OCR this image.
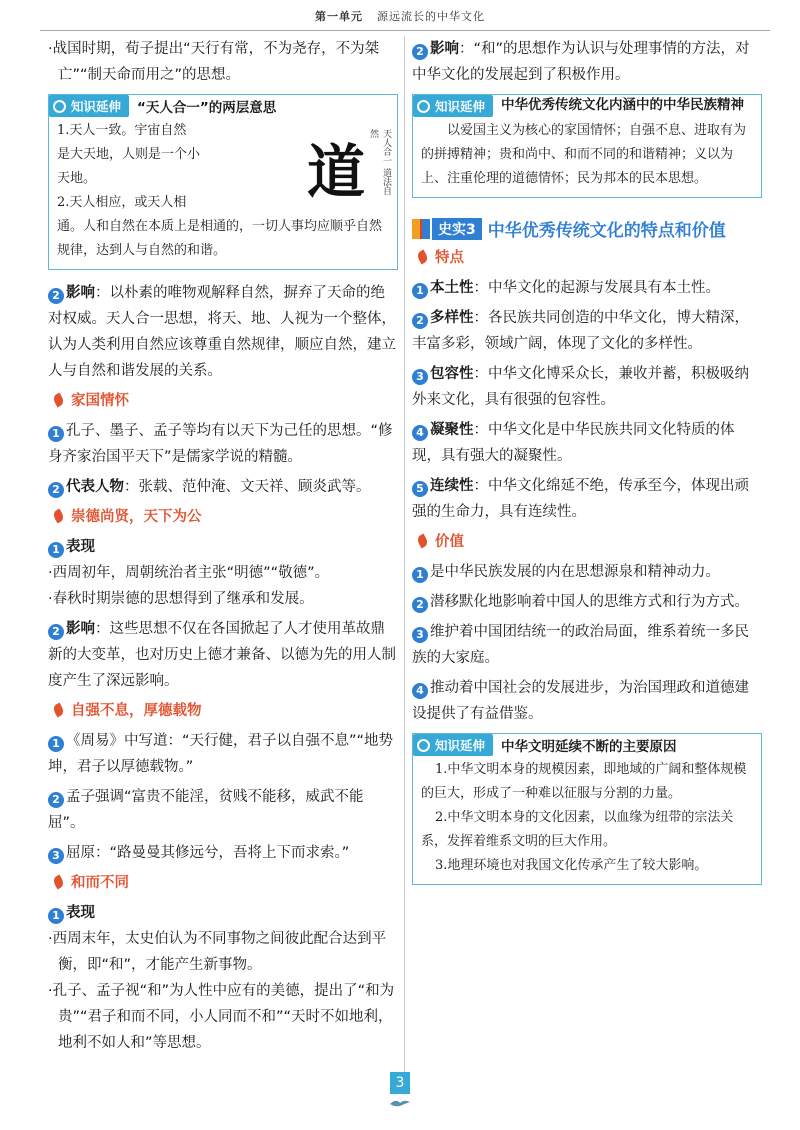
第一单元 源远流长的中华文化

·战国时期，荀子提出“天行有常，不为尧存，不为桀亡”“制天命而用之”的思想。

知识延伸 “天人合一”的两层意思

1.天人一致。宇宙自然

是大天地，人则是一个小

天地。

2.天人相应，或天人相

通。人和自然在本质上是相通的，一切人事均应顺乎自然规律，达到人与自然的和谐。

道	天人合一 道法自然

2 影响：以朴素的唯物观解释自然，摒弃了天命的绝对权威。天人合一思想，将天、地、人视为一个整体，认为人类利用自然应该尊重自然规律，顺应自然，建立人与自然和谐发展的关系。

家国情怀

1 孔子、墨子、孟子等均有以天下为己任的思想。“修身齐家治国平天下”是儒家学说的精髓。

2 代表人物：张载、范仲淹、文天祥、顾炎武等。

崇德尚贤，天下为公

1 表现

·西周初年，周朝统治者主张“明德”“敬德”。

·春秋时期崇德的思想得到了继承和发展。

2 影响：这些思想不仅在各国掀起了人才使用革故鼎新的大变革，也对历史上德才兼备、以德为先的用人制度产生了深远影响。

自强不息，厚德载物

1 《周易》中写道：“天行健，君子以自强不息”“地势坤，君子以厚德载物。”

2 孟子强调“富贵不能淫，贫贱不能移，威武不能屈”。

3 屈原：“路曼曼其修远兮，吾将上下而求索。”

和而不同

1 表现

·西周末年，太史伯认为不同事物之间彼此配合达到平衡，即“和”，才能产生新事物。

·孔子、孟子视“和”为人性中应有的美德，提出了“和为贵”“君子和而不同，小人同而不和”“天时不如地利，地利不如人和”等思想。

2 影响：“和”的思想作为认识与处理事情的方法，对中华文化的发展起到了积极作用。

知识延伸 中华优秀传统文化内涵中的中华民族精神
以爱国主义为核心的家国情怀；自强不息、进取有为的拼搏精神；贵和尚中、和而不同的和谐精神；义以为上、注重伦理的道德情怀；民为邦本的民本思想。
史实3 中华优秀传统文化的特点和价值
特点

1 本土性：中华文化的起源与发展具有本土性。

2 多样性：各民族共同创造的中华文化，博大精深，丰富多彩，领域广阔，体现了文化的多样性。

3 包容性：中华文化博采众长，兼收并蓄，积极吸纳外来文化，具有很强的包容性。

4 凝聚性：中华文化是中华民族共同文化特质的体现，具有强大的凝聚性。

5 连续性：中华文化绵延不绝，传承至今，体现出顽强的生命力，具有连续性。

价值

1 是中华民族发展的内在思想源泉和精神动力。

2 潜移默化地影响着中国人的思维方式和行为方式。

3 维护着中国团结统一的政治局面，维系着统一多民族的大家庭。

4 推动着中国社会的发展进步，为治国理政和道德建设提供了有益借鉴。

知识延伸 中华文明延续不断的主要原因

1.中华文明本身的规模因素，即地域的广阔和整体规模的巨大，形成了一种难以征服与分割的力量。

2.中华文明本身的文化因素，以血缘为纽带的宗法关系，发挥着维系文明的巨大作用。

3.地理环境也对我国文化传承产生了较大影响。

3
